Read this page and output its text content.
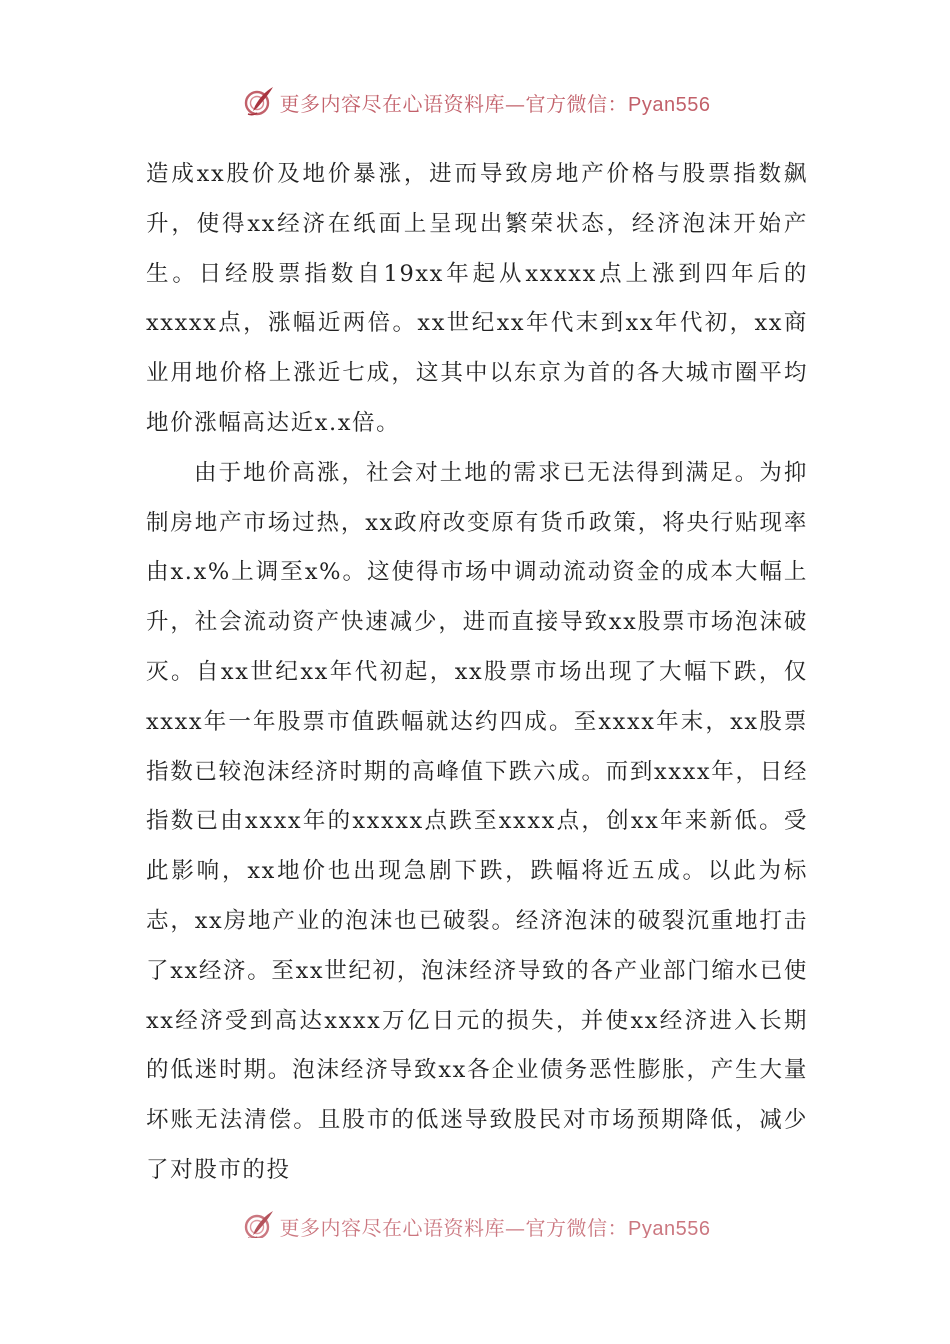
更多内容尽在心语资料库—官方微信：Pyan556

造成xx股价及地价暴涨，进而导致房地产价格与股票指数飙升，使得xx经济在纸面上呈现出繁荣状态，经济泡沫开始产生。日经股票指数自19xx年起从xxxxx点上涨到四年后的xxxxx点，涨幅近两倍。xx世纪xx年代末到xx年代初，xx商业用地价格上涨近七成，这其中以东京为首的各大城市圈平均地价涨幅高达近x.x倍。

由于地价高涨，社会对土地的需求已无法得到满足。为抑制房地产市场过热，xx政府改变原有货币政策，将央行贴现率由x.x%上调至x%。这使得市场中调动流动资金的成本大幅上升，社会流动资产快速减少，进而直接导致xx股票市场泡沫破灭。自xx世纪xx年代初起，xx股票市场出现了大幅下跌，仅xxxx年一年股票市值跌幅就达约四成。至xxxx年末，xx股票指数已较泡沫经济时期的高峰值下跌六成。而到xxxx年，日经指数已由xxxx年的xxxxx点跌至xxxx点，创xx年来新低。受此影响，xx地价也出现急剧下跌，跌幅将近五成。以此为标志，xx房地产业的泡沫也已破裂。经济泡沫的破裂沉重地打击了xx经济。至xx世纪初，泡沫经济导致的各产业部门缩水已使xx经济受到高达xxxx万亿日元的损失，并使xx经济进入长期的低迷时期。泡沫经济导致xx各企业债务恶性膨胀，产生大量坏账无法清偿。且股市的低迷导致股民对市场预期降低，减少了对股市的投

更多内容尽在心语资料库—官方微信：Pyan556
